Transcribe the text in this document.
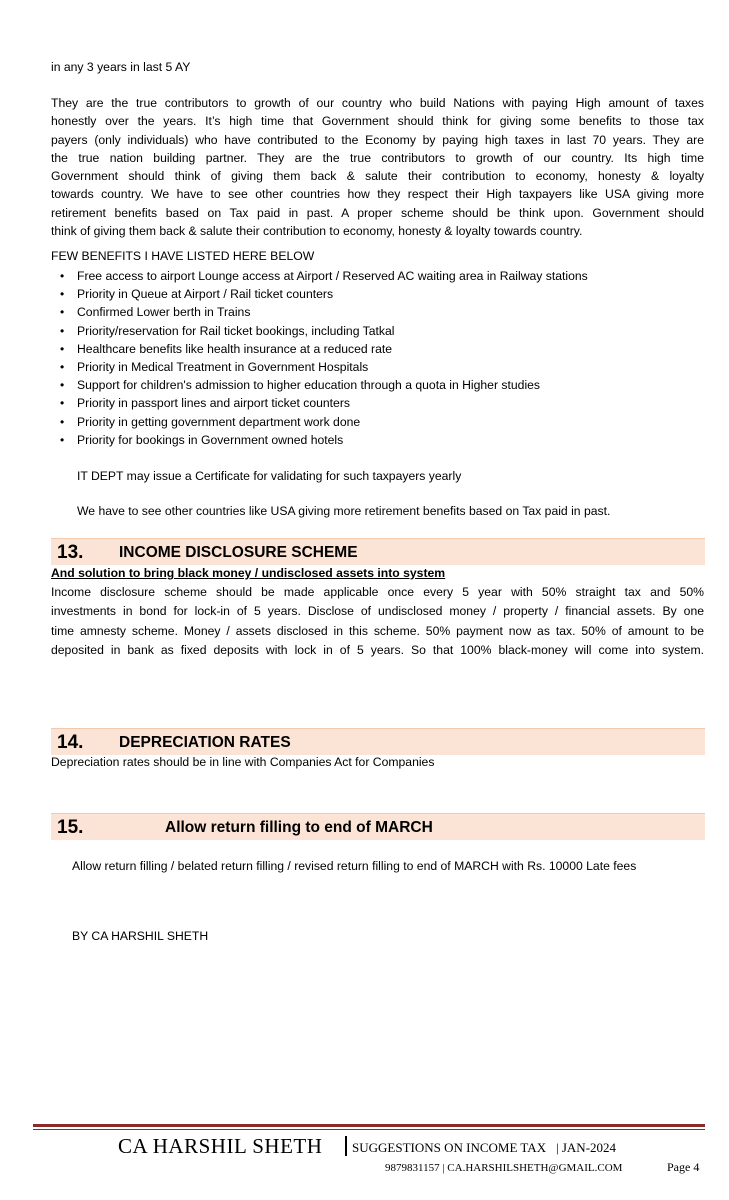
in any 3 years in last 5 AY

They are the true contributors to growth of our country who build Nations with paying High amount of taxes
honestly over the years. It’s high time that Government should think for giving some benefits to those tax
payers (only individuals) who have contributed to the Economy by paying high taxes in last 70 years. They are
the true nation building partner. They are the true contributors to growth of our country. Its high time
Government should think of giving them back & salute their contribution to economy, honesty & loyalty
towards country. We have to see other countries how they respect their High taxpayers like USA giving more
retirement benefits based on Tax paid in past. A proper scheme should be think upon. Government should
think of giving them back & salute their contribution to economy, honesty & loyalty towards country.

FEW BENEFITS I HAVE LISTED HERE BELOW

• Free access to airport Lounge access at Airport / Reserved AC waiting area in Railway stations
• Priority in Queue at Airport / Rail ticket counters
• Confirmed Lower berth in Trains
• Priority/reservation for Rail ticket bookings, including Tatkal
• Healthcare benefits like health insurance at a reduced rate
• Priority in Medical Treatment in Government Hospitals
• Support for children's admission to higher education through a quota in Higher studies
• Priority in passport lines and airport ticket counters
• Priority in getting government department work done
• Priority for bookings in Government owned hotels

IT DEPT may issue a Certificate for validating for such taxpayers yearly

We have to see other countries like USA giving more retirement benefits based on Tax paid in past.

13. INCOME DISCLOSURE SCHEME
And solution to bring black money / undisclosed assets into system
Income disclosure scheme should be made applicable once every 5 year with 50% straight tax and 50%
investments in bond for lock-in of 5 years. Disclose of undisclosed money / property / financial assets. By one
time amnesty scheme. Money / assets disclosed in this scheme. 50% payment now as tax. 50% of amount to be
deposited in bank as fixed deposits with lock in of 5 years. So that 100% black-money will come into system.
14. DEPRECIATION RATES

Depreciation rates should be in line with Companies Act for Companies

15.	Allow return filling to end of MARCH

Allow return filling / belated return filling / revised return filling to end of MARCH with Rs. 10000 Late fees

BY CA HARSHIL SHETH

CA HARSHIL SHETH SUGGESTIONS ON INCOME TAX | JAN-2024
9879831157 | CA.HARSHILSHETH@GMAIL.COM	Page 4
